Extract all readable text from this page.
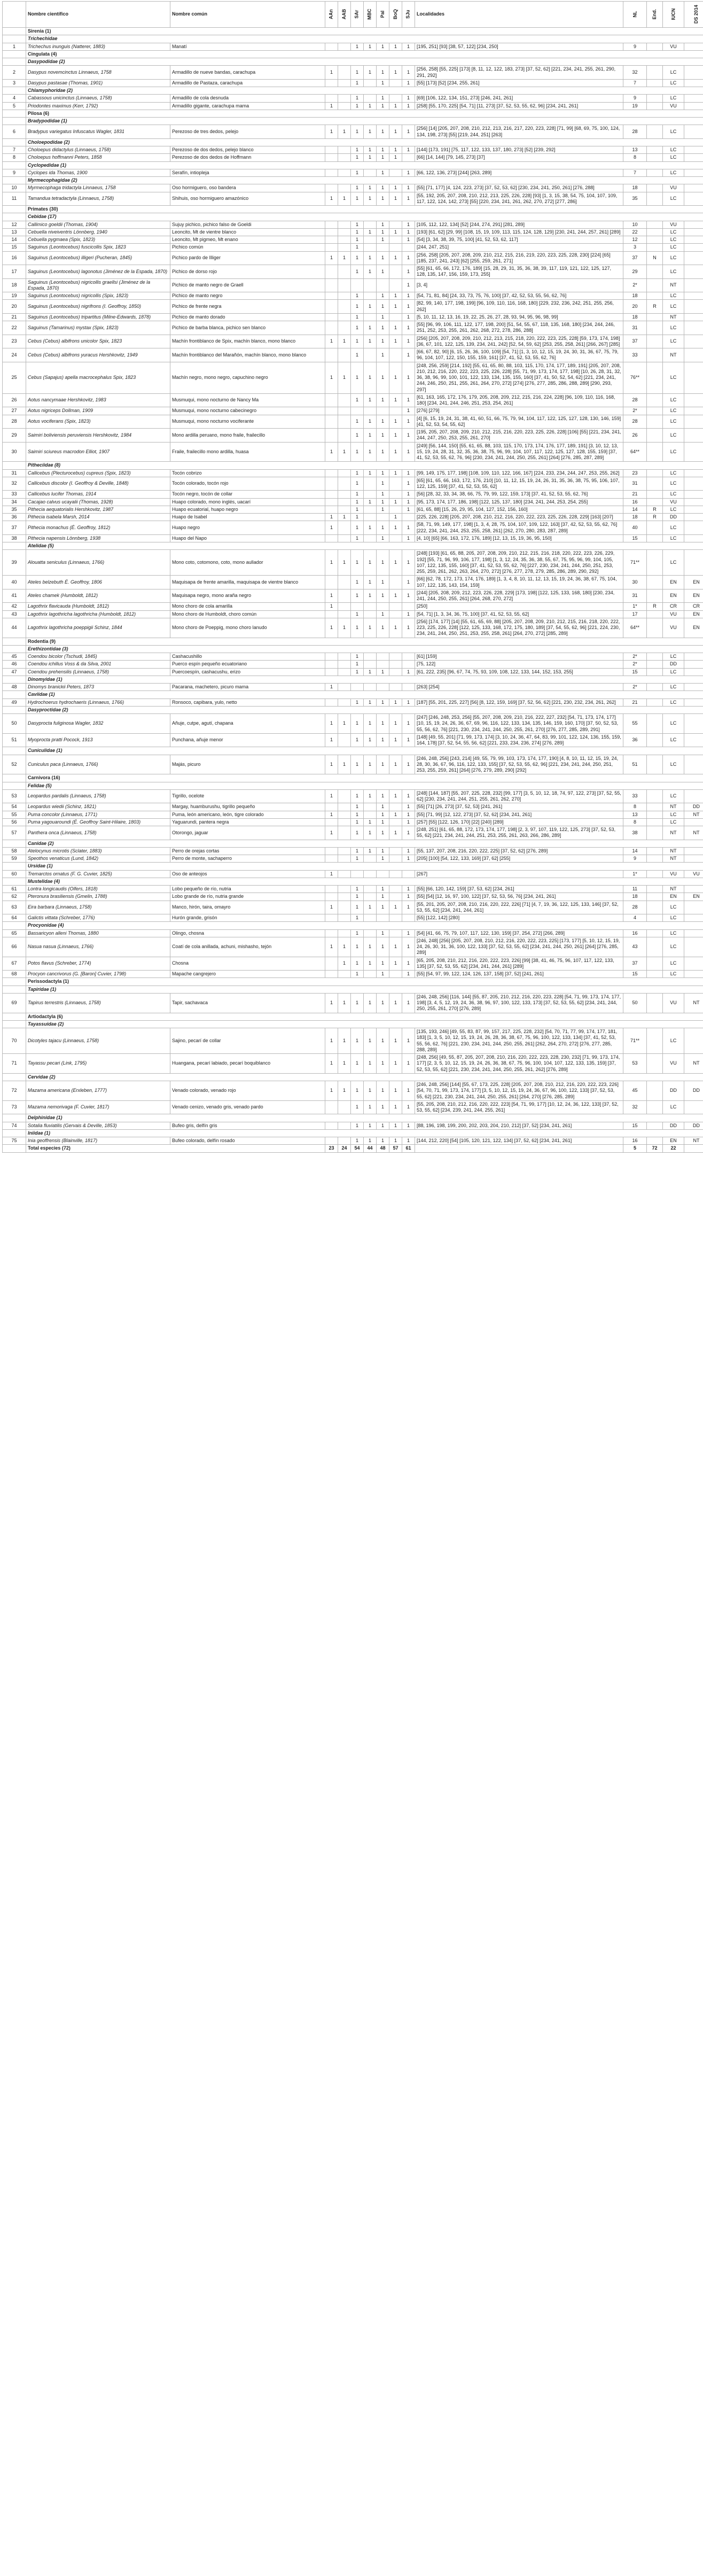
	Nombre científico	Nombre común	AAn	AAB	SAr	MBC	PaI	BoQ	SJu	Localidades	NL	End.	IUCN	DS 2014
	Sirenia (1)													
	Trichechidae													
1	Trichechus inunguis (Natterer, 1883)	Manatí			1	1	1	1	1	[195, 251] [93] [38, 57, 122] [234, 250]	9		VU	
	Cingulata (4)													
	Dasypodidae (2)													
2	Dasypus novemcinctus Linnaeus, 1758	Armadillo de nueve bandas, carachupa	1		1	1	1	1	1	[256, 258] [55, 225] [173] [8, 11, 12, 122, 183, 273] [37, 52, 62] [221, 234, 241, 255, 261, 290, 291, 292]	32		LC	
3	Dasypus pastasae (Thomas, 1901)	Armadillo de Pastaza, carachupa			1		1		1	[55] [173] [52] [234, 255, 261]	7		LC	
	Chlamyphoridae (2)													
4	Cabassous unicinctus (Linnaeus, 1758)	Armadillo de cola desnuda			1		1		1	[69] [106, 122, 134, 151, 273] [246, 241, 261]	9		LC	
5	Priodontes maximus (Kerr, 1792)	Armadillo gigante, carachupa mama	1		1	1	1	1	1	[258] [55, 170, 225] [54, 71] [11, 273] [37, 52, 53, 55, 62, 96] [234, 241, 261]	19		VU	
	Pilosa (6)													
	Bradypodidae (1)													
6	Bradypus variegatus Infuscatus Wagler, 1831	Perezoso de tres dedos, pelejo	1	1	1	1	1	1	1	[256] [14] [205, 207, 208, 210, 212, 213, 216, 217, 220, 223, 228] [71, 99] [68, 69, 75, 100, 124, 134, 198, 273] [55] [219, 244, 251] [263]	28		LC	
	Choloepodidae (2)													
7	Choloepus didactylus (Linnaeus, 1758)	Perezoso de dos dedos, pelejo blanco			1	1	1	1	1	[144] [173, 191] [75, 117, 122, 133, 137, 180, 273] [52] [239, 292]	13		LC	
8	Choloepus hoffmanni Peters, 1858	Perezoso de dos dedos de Hoffmann			1	1	1	1		[66] [14, 144] [79, 145, 273] [37]	8		LC	
	Cyclopedidae (1)													
9	Cyclopes ida Thomas, 1900	Serafín, intiopleja			1		1		1	[66, 122, 136, 273] [244] [263, 289]	7		LC	
	Myrmecophagidae (2)													
10	Myrmecophaga tridactyla Linnaeus, 1758	Oso hormiguero, oso bandera			1	1	1	1	1	[55] [71, 177] [4, 124, 223, 273] [37, 52, 53, 62] [230, 234, 241, 250, 261] [276, 288]	18		VU	
11	Tamandua tetradactyla (Linnaeus, 1758)	Shihuis, oso hormiguero amazónico	1	1	1	1	1	1	1	[55, 192, 205, 207, 208, 210, 212, 213, 225, 226, 228] [93] [1, 3, 15, 38, 54, 75, 104, 107, 109, 117, 122, 124, 142, 273] [55] [220, 234, 241, 261, 262, 270, 272] [277, 286]	35		LC	
	Primates (30)													
	Cebidae (17)													
12	Callimico goeldii (Thomas, 1904)	Sujuy pichico, pichico falso de Goeldi			1		1		1	[105, 112, 122, 134] [52] [244, 274, 291] [281, 289]	10		VU	
13	Cebuella niveiventris Lönnberg, 1940	Leoncito, Mt de vientre blanco			1	1	1	1	1	[193] [61, 62] [29, 99] [108, 15, 19, 109, 113, 115, 124, 128, 129] [230, 241, 244, 257, 261] [289]	22		LC	
14	Cebuella pygmaea (Spix, 1823)	Leoncito, Mt pigmeo, Mt enano			1		1		1	[54] [3, 34, 38, 39, 75, 100] [41, 52, 53, 62, 117]	12		LC	
15	Saguinus (Leontocebus) fuscicollis Spix, 1823	Pichico común			1					[244, 247, 251]	3		LC	
16	Saguinus (Leontocebus) illigeri (Pucheran, 1845)	Pichico pardo de Illiger	1	1	1	1	1	1	1	[256, 258] [205, 207, 208, 209, 210, 212, 215, 216, 219, 220, 223, 225, 228, 230] [224] [65] [185, 237, 241, 243] [62] [255, 259, 261, 271]	37	N	LC	
17	Saguinus (Leontocebus) lagonotus (Jiménez de la Espada, 1870)	Pichico de dorso rojo			1	1	1		1	[55] [61, 65, 66, 172, 176, 189] [15, 28, 29, 31, 35, 36, 38, 39, 117, 119, 121, 122, 125, 127, 128, 135, 147, 156, 159, 173, 255]	29		LC	
18	Saguinus (Leontocebus) nigricollis graellsi (Jiménez de la Espada, 1870)	Pichico de manto negro de Graell							1	[3, 4]	2*		NT	
19	Saguinus (Leontocebus) nigricollis (Spix, 1823)	Pichico de manto negro			1		1	1	1	[54, 71, 81, 84] [24, 33, 73, 75, 76, 100] [37, 42, 52, 53, 55, 56, 62, 76]	18		LC	
20	Saguinus (Leontocebus) nigrifrons (I. Geoffroy, 1850)	Pichico de frente negra			1	1	1	1	1	[82, 99, 140, 177, 198, 199] [96, 109, 110, 116, 168, 180] [229, 232, 236, 242, 251, 255, 256, 262]	20	R	LC	
21	Saguinus (Leontocebus) tripartitus (Milne-Edwards, 1878)	Pichico de manto dorado			1		1		1	[5, 10, 11, 12, 13, 16, 19, 22, 25, 26, 27, 28, 93, 94, 95, 96, 98, 99]	18		NT	
22	Saguinus (Tamarinus) mystax (Spix, 1823)	Pichico de barba blanca, pichico sen blanco			1	1	1	1	1	[55] [96, 99, 106, 111, 122, 177, 198, 200] [51, 54, 55, 67, 118, 135, 168, 180] [234, 244, 246, 251, 252, 253, 255, 261, 262, 268, 272, 278, 286, 288]	31		LC	
23	Cebus (Cebus) albifrons unicolor Spix, 1823	Machín frontiblanco de Spix, machín blanco, mono blanco	1	1	1	1	1	1	1	[256] [205, 207, 208, 209, 210, 212, 213, 215, 218, 220, 222, 223, 225, 228] [59, 173, 174, 198] [36, 67, 101, 122, 125, 139, 234, 241, 242] [52, 54, 59, 62] [253, 255, 258, 261] [266, 267] [285]	37		LC	
24	Cebus (Cebus) albifrons yuracus Hershkovitz, 1949	Machín frontiblanco del Marañón, machín blanco, mono blanco			1		1		1	[66, 67, 82, 90] [6, 15, 26, 36, 100, 109] [54, 71] [1, 3, 10, 12, 15, 19, 24, 30, 31, 36, 67, 75, 79, 96, 104, 107, 122, 150, 155, 159, 161] [37, 41, 52, 53, 55, 62, 76]	33		NT	
25	Cebus (Sapajus) apella macrocephalus Spix, 1823	Machín negro, mono negro, capuchino negro	1	1	1	1	1	1	1	[248, 256, 259] [214, 192] [55, 61, 65, 80, 88, 103, 115, 170, 174, 177, 189, 191] [205, 207, 208, 210, 212, 216, 220, 222, 223, 225, 226, 228] [55, 71, 99, 173, 174, 177, 198] [10, 26, 28, 31, 32, 36, 38, 96, 99, 100, 101, 122, 133, 134, 135, 155, 160] [37, 41, 50, 52, 54, 62] [221, 234, 241, 244, 246, 250, 251, 255, 261, 264, 270, 272] [274] [276, 277, 285, 286, 288, 289] [290, 293, 297]	76**		LC	
26	Aotus nancymaae Hershkovitz, 1983	Musmuqui, mono nocturno de Nancy Ma			1	1	1	1	1	[61, 163, 165, 172, 176, 179, 205, 208, 209, 212, 215, 216, 224, 228] [96, 109, 110, 116, 168, 180] [234, 241, 244, 246, 251, 253, 254, 261]	28		LC	
27	Aotus nigriceps Dollman, 1909	Musmuqui, mono nocturno cabecinegro							1	[276] [279]	2*		LC	
28	Aotus vociferans (Spix, 1823)	Musmuqui, mono nocturno vociferante			1	1	1	1	1	[4] [6, 15, 19, 24, 31, 38, 41, 60, 51, 66, 75, 79, 94, 104, 117, 122, 125, 127, 128, 130, 146, 159] [41, 52, 53, 54, 55, 62]	28		LC	
29	Saimiri boliviensis peruviensis Hershkovitz, 1984	Mono ardilla peruano, mono fraile, frailecillo			1	1	1	1	1	[195, 205, 207, 208, 209, 210, 212, 215, 216, 220, 223, 225, 226, 228] [106] [55] [221, 234, 241, 244, 247, 250, 253, 255, 261, 270]	26		LC	
30	Saimiri sciureus macrodon Elliot, 1907	Fraile, frailecillo mono ardilla, huasa	1	1	1	1	1	1	1	[249] [56, 144, 150] [55, 61, 65, 88, 103, 115, 170, 173, 174, 176, 177, 189, 191] [3, 10, 12, 13, 15, 19, 24, 28, 31, 32, 35, 36, 38, 75, 96, 99, 104, 107, 117, 122, 125, 127, 128, 155, 159] [37, 41, 52, 53, 55, 62, 76, 96] [230, 234, 241, 244, 250, 255, 261] [264] [276, 285, 287, 289]	64**		LC	
	Pitheciidae (8)													
31	Callicebus (Plecturocebus) cupreus (Spix, 1823)	Tocón cobrizo			1	1	1	1	1	[99, 149, 175, 177, 198] [108, 109, 110, 122, 166, 167] [224, 233, 234, 244, 247, 253, 255, 262]	23		LC	
32	Callicebus discolor (I. Geoffroy & Deville, 1848)	Tocón colorado, tocón rojo			1		1		1	[65] [61, 65, 66, 163, 172, 176, 210] [10, 11, 12, 15, 19, 24, 26, 31, 35, 36, 38, 75, 95, 106, 107, 122, 125, 159] [37, 41, 52, 53, 55, 62]	31		LC	
33	Callicebus lucifer Thomas, 1914	Tocón negro, tocón de collar			1		1		1	[56] [28, 32, 33, 34, 38, 66, 75, 79, 99, 122, 159, 173] [37, 41, 52, 53, 55, 62, 76]	21		LC	
34	Cacajao calvus ucayalii (Thomas, 1928)	Huapo colorado, mono inglés, uacarí			1	1	1	1	1	[95, 173, 174, 177, 186, 198] [122, 125, 137, 180] [234, 241, 244, 253, 254, 255]	16		VU	
35	Pithecia aequatorialis Hershkovitz, 1987	Huapo ecuatorial, huapo negro			1		1		1	[61, 65, 88] [15, 26, 29, 95, 104, 127, 152, 156, 160]	14	R	LC	
36	Pithecia isabela Marsh, 2014	Huapo de Isabel	1	1	1			1		[225, 226, 228] [205, 207, 208, 210, 212, 216, 220, 222, 223, 225, 226, 228, 229] [163] [207]	18	R	DD	
37	Pithecia monachus (É. Geoffroy, 1812)	Huapo negro	1		1	1	1	1	1	[58, 71, 99, 149, 177, 198] [1, 3, 4, 28, 75, 104, 107, 109, 122, 163] [37, 42, 52, 53, 55, 62, 76] [222, 234, 241, 244, 253, 255, 258, 261] [262, 270, 280, 283, 287, 289]	40		LC	
38	Pithecia napensis Lönnberg, 1938	Huapo del Napo			1		1		1	[4, 10] [65] [66, 163, 172, 176, 189] [12, 13, 15, 19, 36, 95, 150]	15		LC	
	Atelidae (5)													
39	Alouatta seniculus (Linnaeus, 1766)	Mono coto, cotomono, coto, mono aullador	1	1	1	1	1	1	1	[248] [193] [61, 65, 88, 205, 207, 208, 209, 210, 212, 215, 216, 218, 220, 222, 223, 226, 229, 192] [55, 71, 96, 99, 106, 177, 198] [1, 3, 12, 24, 35, 36, 38, 55, 67, 75, 95, 96, 99, 104, 105, 107, 122, 135, 155, 160] [37, 41, 52, 53, 55, 62, 76] [227, 230, 234, 241, 244, 250, 251, 253, 255, 259, 261, 262, 263, 264, 270, 272] [276, 277, 278, 279, 285, 286, 289, 290, 292]	71**		LC	
40	Ateles belzebuth É. Geoffroy, 1806	Maquisapa de frente amarilla, maquisapa de vientre blanco			1	1	1		1	[66] [62, 78, 172, 173, 174, 176, 189] [1, 3, 4, 8, 10, 11, 12, 13, 15, 19, 24, 36, 38, 67, 75, 104, 107, 122, 135, 143, 154, 159]	30		EN	EN
41	Ateles chamek (Humboldt, 1812)	Maquisapa negro, mono araña negro	1		1	1	1	1	1	[244] [205, 208, 209, 212, 223, 226, 228, 229] [173, 198] [122, 125, 133, 168, 180] [230, 234, 241, 244, 250, 255, 261] [264, 268, 270, 272]	31		EN	EN
42	Lagothrix flavicauda (Humboldt, 1812)	Mono choro de cola amarilla	1							[250]	1*	R	CR	CR
43	Lagothrix lagothricha lagothricha (Humboldt, 1812)	Mono choro de Humboldt, choro común			1		1		1	[54, 71] [1, 3, 34, 36, 75, 100] [37, 41, 52, 53, 55, 62]	17		VU	EN
44	Lagothrix lagothricha poeppigii Schinz, 1844	Mono choro de Poeppig, mono choro lanudo	1	1	1	1	1	1	1	[256] [174, 177] [14] [55, 61, 65, 69, 88] [205, 207, 208, 209, 210, 212, 215, 216, 218, 220, 222, 223, 225, 226, 228] [122, 125, 133, 168, 172, 175, 180, 189] [37, 54, 55, 62, 96] [221, 224, 230, 234, 241, 244, 250, 251, 253, 255, 258, 261] [264, 270, 272] [285, 289]	64**		VU	EN
	Rodentia (9)													
	Erethizontidae (3)													
45	Coendou bicolor (Tschudi, 1845)	Cashacushillo			1					[61] [159]	2*		LC	
46	Coendou ichillus Voss & da Silva, 2001	Puerco espín pequeño ecuatoriano			1					[75, 122]	2*		DD	
47	Coendou prehensilis (Linnaeus, 1758)	Puercoespín, cashacushu, erizo			1	1	1		1	[61, 222, 235] [96, 67, 74, 75, 93, 109, 108, 122, 133, 144, 152, 153, 255]	15		LC	
	Dinomyidae (1)													
48	Dinomys branickii Peters, 1873	Pacarana, machetero, picuro mama	1							[263] [254]	2*		LC	
	Caviidae (1)													
49	Hydrochoerus hydrochaeris (Linnaeus, 1766)	Ronsoco, capibara, yulo, netto			1	1	1	1	1	[187] [55, 201, 225, 227] [56] [8, 122, 159, 169] [37, 52, 56, 62] [221, 230, 232, 234, 261, 262]	21		LC	
	Dasyproctidae (2)													
50	Dasyprocta fuliginosa Wagler, 1832	Añuje, cutpe, agutí, chapana	1	1	1	1	1	1	1	[247] [246, 248, 253, 256] [55, 207, 208, 209, 210, 216, 222, 227, 232] [54, 71, 173, 174, 177] [10, 15, 19, 24, 26, 36, 67, 69, 96, 116, 122, 133, 134, 135, 146, 159, 160, 170] [37, 50, 52, 53, 55, 56, 62, 76] [221, 230, 234, 241, 244, 250, 255, 261, 270] [276, 277, 285, 289, 291]	55		LC	
51	Myoprocta pratti Pocock, 1913	Punchana, añuje menor	1		1	1	1	1	1	[148] [49, 55, 201] [71, 99, 173, 174] [3, 10, 24, 36, 47, 64, 83, 99, 101, 122, 124, 136, 155, 159, 164, 178] [37, 52, 54, 55, 56, 62] [221, 233, 234, 236, 274] [276, 289]	36		LC	
	Cuniculidae (1)													
52	Cuniculus paca (Linnaeus, 1766)	Majás, picuro	1	1	1	1	1	1	1	[246, 248, 256] [243, 214] [49, 55, 79, 99, 103, 173, 174, 177, 190] [4, 8, 10, 11, 12, 15, 19, 24, 28, 30, 36, 67, 96, 116, 122, 133, 155] [37, 52, 53, 55, 62, 96] [221, 234, 241, 244, 250, 251, 253, 255, 259, 261] [264] [276, 279, 289, 290] [292]	51		LC	
	Carnivora (16)													
	Felidae (5)													
53	Leopardus pardalis (Linnaeus, 1758)	Tigrillo, ocelote	1		1	1	1	1	1	[248] [144, 187] [55, 207, 225, 228, 232] [99, 177] [3, 5, 10, 12, 18, 74, 97, 122, 273] [37, 52, 55, 62] [230, 234, 241, 244, 251, 255, 261, 262, 270]	33		LC	
54	Leopardus wiedii (Schinz, 1821)	Margay, huamburushu, tigrillo pequeño			1		1		1	[55] [71] [26, 273] [37, 52, 53] [241, 261]	8		NT	DD
55	Puma concolor (Linnaeus, 1771)	Puma, león americano, león, tigre colorado	1		1		1	1	1	[55] [71, 99] [12, 122, 273] [37, 52, 62] [234, 241, 261]	13		LC	NT
56	Puma yagouaroundi (É. Geoffroy Saint-Hilaire, 1803)	Yaguarundi, pantera negra			1	1	1		1	[257] [55] [122, 126, 170] [22] [240] [289]	8		LC	
57	Panthera onca (Linnaeus, 1758)	Otorongo, jaguar	1		1	1	1	1	1	[248, 251] [61, 65, 88, 172, 173, 174, 177, 198] [2, 3, 97, 107, 119, 122, 125, 273] [37, 52, 53, 55, 62] [221, 234, 241, 244, 251, 253, 255, 261, 263, 266, 286, 289]	38		NT	NT
	Canidae (2)													
58	Atelocynus microtis (Sclater, 1883)	Perro de orejas cortas			1	1	1		1	[55, 137, 207, 208, 216, 220, 222, 225] [37, 52, 62] [276, 289]	14		NT	
59	Speothos venaticus (Lund, 1842)	Perro de monte, sachaperro			1		1		1	[205] [100] [54, 122, 133, 169] [37, 62] [255]	9		NT	
	Ursidae (1)													
60	Tremarctos ornatus (F. G. Cuvier, 1825)	Oso de anteojos	1							[267]	1*		VU	VU
	Mustelidae (4)													
61	Lontra longicaudis (Olfers, 1818)	Lobo pequeño de río, nutria			1		1		1	[55] [66, 120, 142, 159] [37, 53, 62] [234, 261]	11		NT	
62	Pteronura brasiliensis (Gmelin, 1788)	Lobo grande de río, nutria grande			1		1		1	[55] [54] [12, 16, 97, 100, 122] [37, 52, 53, 56, 76] [234, 241, 261]	18		EN	EN
63	Eira barbara (Linnaeus, 1758)	Manco, hirón, taira, omayro	1		1	1	1	1	1	[55, 201, 205, 207, 208, 210, 216, 220, 222, 226] [71] [4, 7, 19, 36, 122, 125, 133, 146] [37, 52, 53, 55, 62] [234, 241, 244, 261]	28		LC	
64	Galictis vittata (Schreber, 1776)	Hurón grande, grisón			1					[55] [122, 142] [280]	4		LC	
	Procyonidae (4)													
65	Bassaricyon alleni Thomas, 1880	Olingo, chosna			1		1		1	[54] [41, 66, 75, 79, 107, 117, 122, 130, 159] [37, 254, 272] [266, 289]	16		LC	
66	Nasua nasua (Linnaeus, 1766)	Coatí de cola anillada, achuni, mishasho, tejón	1	1	1	1	1	1	1	[246, 248] [256] [205, 207, 208, 210, 212, 216, 220, 222, 223, 225] [173, 177] [5, 10, 12, 15, 19, 24, 26, 30, 31, 36, 100, 122, 133] [37, 52, 53, 55, 62] [234, 241, 244, 250, 261] [264] [276, 285, 289]	43		LC	
67	Potos flavus (Schreber, 1774)	Chosna		1	1	1	1	1	1	[65, 205, 208, 210, 212, 216, 220, 222, 223, 226] [99] [38, 41, 46, 75, 96, 107, 117, 122, 133, 135] [37, 52, 53, 55, 62] [234, 241, 244, 261] [289]	37		LC	
68	Procyon cancrivorus (G. [Baron] Cuvier, 1798)	Mapache cangrejero			1		1		1	[55] [54, 97, 99, 122, 124, 126, 137, 158] [37, 52] [241, 261]	15		LC	
	Perissodactyla (1)													
	Tapiridae (1)													
69	Tapirus terrestris (Linnaeus, 1758)	Tapir, sachavaca	1	1	1	1	1	1	1	[246, 248, 256] [116, 144] [55, 87, 205, 210, 212, 216, 220, 223, 228] [54, 71, 99, 173, 174, 177, 198] [3, 4, 5, 12, 19, 24, 36, 38, 96, 97, 100, 122, 133, 173] [37, 52, 53, 55, 62] [234, 241, 244, 250, 255, 261, 270] [276, 289]	50		VU	NT
	Artiodactyla (6)													
	Tayassuidae (2)													
70	Dicotyles tajacu (Linnaeus, 1758)	Sajino, pecarí de collar	1	1	1	1	1	1	1	[135, 193, 246] [49, 55, 83, 87, 99, 157, 217, 225, 228, 232] [54, 70, 71, 77, 99, 174, 177, 181, 183] [1, 3, 5, 10, 12, 15, 19, 24, 26, 28, 36, 38, 67, 75, 96, 100, 122, 133, 134] [37, 41, 52, 53, 55, 56, 62, 76] [221, 230, 234, 241, 244, 250, 255, 261] [262, 264, 270, 272] [276, 277, 285, 288, 289]	71**		LC	
71	Tayassu pecari (Link, 1795)	Huangana, pecarí labiado, pecarí boquiblanco	1	1	1	1	1	1	1	[248, 256] [49, 55, 87, 205, 207, 208, 210, 216, 220, 222, 223, 228, 230, 232] [71, 99, 173, 174, 177] [2, 3, 5, 10, 12, 15, 19, 24, 26, 36, 38, 67, 75, 96, 100, 104, 107, 122, 133, 135, 159] [37, 52, 53, 55, 62] [221, 230, 234, 241, 244, 250, 255, 261, 262] [276, 289]	53		VU	NT
	Cervidae (2)													
72	Mazama americana (Erxleben, 1777)	Venado colorado, venado rojo	1	1	1	1	1	1	1	[246, 248, 256] [144] [55, 67, 173, 225, 228] [205, 207, 208, 210, 212, 216, 220, 222, 223, 226] [54, 70, 71, 99, 173, 174, 177] [3, 5, 10, 12, 15, 19, 24, 36, 67, 96, 100, 122, 133] [37, 52, 53, 55, 62] [221, 230, 234, 241, 244, 250, 255, 261] [264, 270] [276, 285, 289]	45		DD	DD
73	Mazama nemorivaga (F. Cuvier, 1817)	Venado cenizo, venado gris, venado pardo			1	1	1	1	1	[55, 205, 208, 210, 212, 216, 220, 222, 223] [54, 71, 99, 177] [10, 12, 24, 36, 122, 133] [37, 52, 53, 55, 62] [234, 239, 241, 244, 255, 261]	32		LC	
	Delphinidae (1)													
74	Sotalia fluviatilis (Gervais & Deville, 1853)	Bufeo gris, delfín gris			1	1	1	1	1	[88, 196, 198, 199, 200, 202, 203, 204, 210, 212] [37, 52] [234, 241, 261]	15		DD	DD
	Iniidae (1)													
75	Inia geoffrensis (Blainville, 1817)	Bufeo colorado, delfín rosado			1	1	1	1	1	[144, 212, 220] [54] [105, 120, 121, 122, 134] [37, 52, 62] [234, 241, 261]	16		EN	NT
	Total especies (72)		23	24	54	44	48	57	61		5	72	22	
